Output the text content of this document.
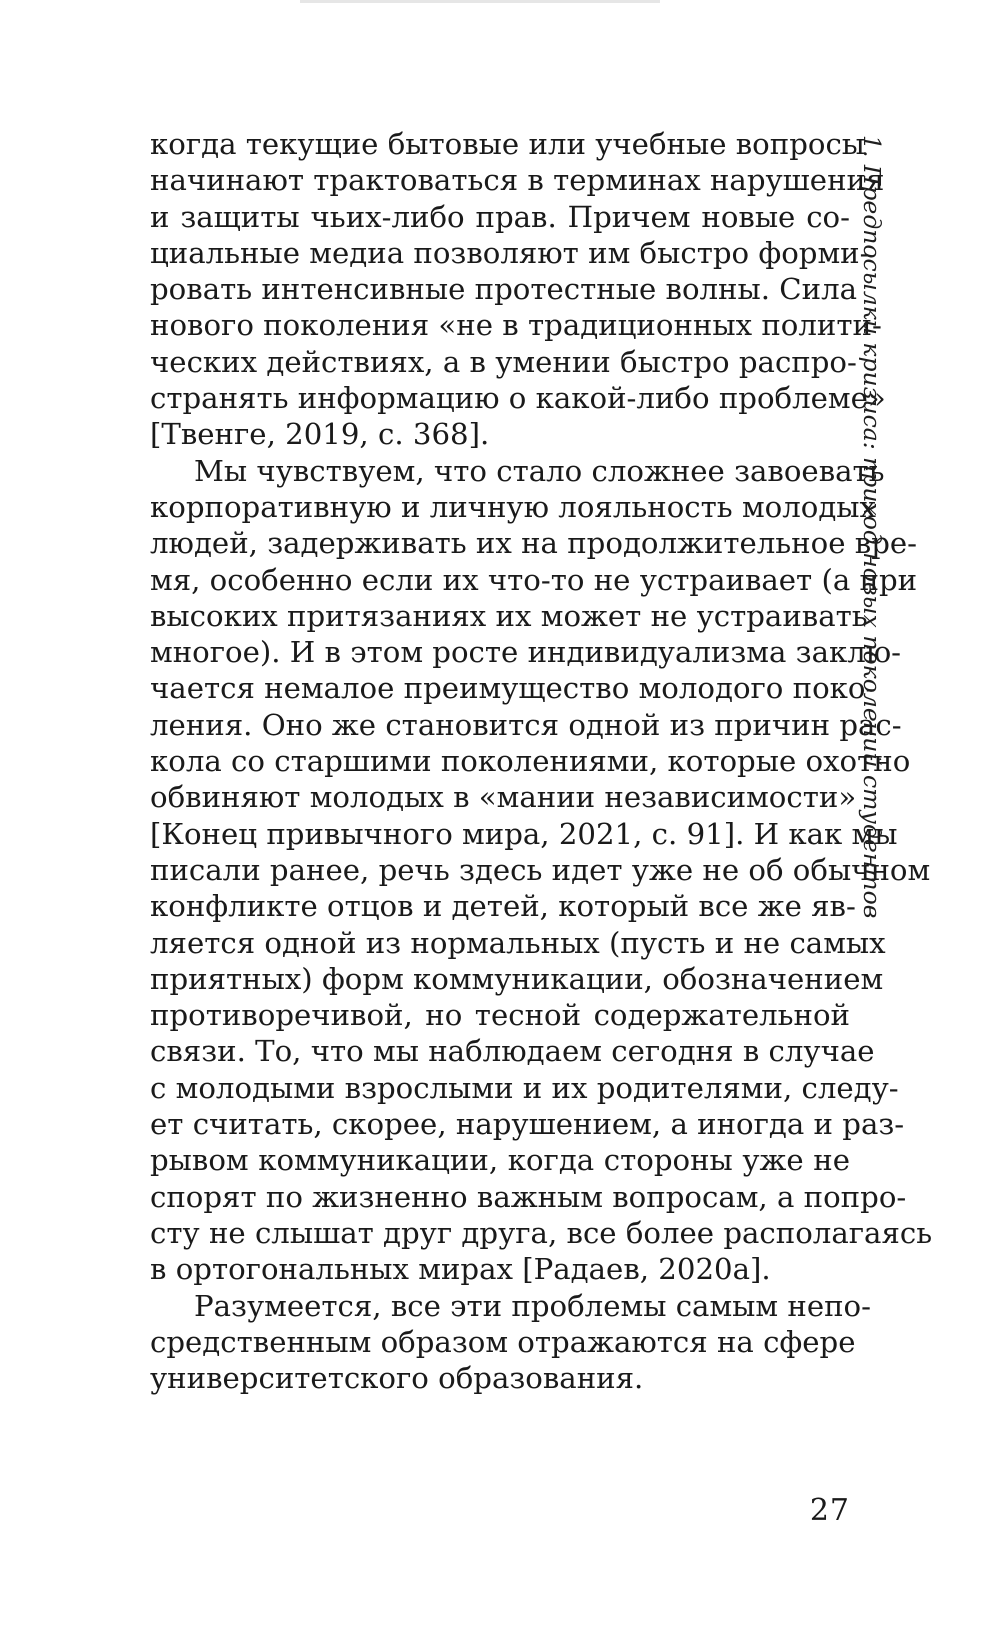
когда текущие бытовые или учебные вопросы
начинают трактоваться в терминах нарушения
и защиты чьих-либо прав. Причем новые со-
циальные медиа позволяют им быстро форми-
ровать интенсивные протестные волны. Сила
нового поколения «не в традиционных полити-
ческих действиях, а в умении быстро распро-
странять информацию о какой-либо проблеме»
[Твенге, 2019, с. 368].

Мы чувствуем, что стало сложнее завоевать
корпоративную и личную лояльность молодых
людей, задерживать их на продолжительное вре-
мя, особенно если их что-то не устраивает (а при
высоких притязаниях их может не устраивать
многое). И в этом росте индивидуализма заклю-
чается немалое преимущество молодого поко-
ления. Оно же становится одной из причин рас-
кола со старшими поколениями, которые охотно
обвиняют молодых в «мании независимости»
[Конец привычного мира, 2021, с. 91]. И как мы
писали ранее, речь здесь идет уже не об обычном
конфликте отцов и детей, который все же яв-
ляется одной из нормальных (пусть и не самых
приятных) форм коммуникации, обозначением
противоречивой, но тесной содержательной
связи. То, что мы наблюдаем сегодня в случае
с молодыми взрослыми и их родителями, следу-
ет считать, скорее, нарушением, а иногда и раз-
рывом коммуникации, когда стороны уже не
спорят по жизненно важным вопросам, а попро-
сту не слышат друг друга, все более располагаясь
в ортогональных мирах [Радаев, 2020а].

Разумеется, все эти проблемы самым непо-
средственным образом отражаются на сфере
университетского образования.

27
1. Предпосылки кризиса: приход новых поколений студентов
